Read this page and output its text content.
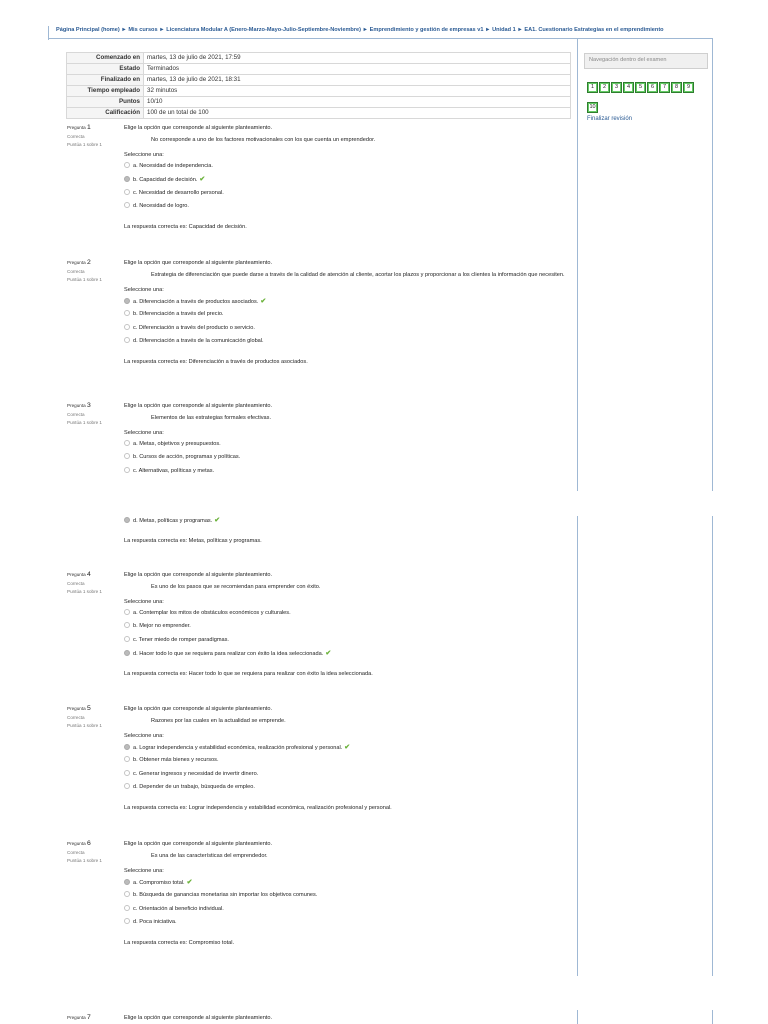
Página Principal (home) ► Mis cursos ► Licenciatura Modular A (Enero-Marzo-Mayo-Julio-Septiembre-Noviembre) ► Emprendimiento y gestión de empresas v1 ► Unidad 1 ► EA1. Cuestionario Estrategias en el emprendimiento
Comenzado en	martes, 13 de julio de 2021, 17:59
Estado	Terminados
Finalizado en	martes, 13 de julio de 2021, 18:31
Tiempo empleado	32 minutos
Puntos	10/10
Calificación	100 de un total de 100
Navegación dentro del examen
1 2 3 4 5 6 7 8 910
Finalizar revisión
Pregunta 1
Correcta
Puntúa 1 sobre 1
Elige la opción que corresponde al siguiente planteamiento.
No corresponde a uno de los factores motivacionales con los que cuenta un emprendedor.
Seleccione una:
a. Necesidad de independencia.
b. Capacidad de decisión. ✔
c. Necesidad de desarrollo personal.
d. Necesidad de logro.
La respuesta correcta es: Capacidad de decisión.
Pregunta 2
Correcta
Puntúa 1 sobre 1
Elige la opción que corresponde al siguiente planteamiento.
Estrategia de diferenciación que puede darse a través de la calidad de atención al cliente, acortar los plazos y proporcionar a los clientes la información que necesiten.
Seleccione una:
a. Diferenciación a través de productos asociados. ✔
b. Diferenciación a través del precio.
c. Diferenciación a través del producto o servicio.
d. Diferenciación a través de la comunicación global.
La respuesta correcta es: Diferenciación a través de productos asociados.
Pregunta 3
Correcta
Puntúa 1 sobre 1
Elige la opción que corresponde al siguiente planteamiento.
Elementos de las estrategias formales efectivas.
Seleccione una:
a. Metas, objetivos y presupuestos.
b. Cursos de acción, programas y políticas.
c. Alternativas, políticas y metas.
d. Metas, políticas y programas. ✔
La respuesta correcta es: Metas, políticas y programas.
Pregunta 4
Correcta
Puntúa 1 sobre 1
Elige la opción que corresponde al siguiente planteamiento.
Es uno de los pasos que se recomiendan para emprender con éxito.
Seleccione una:
a. Contemplar los mitos de obstáculos económicos y culturales.
b. Mejor no emprender.
c. Tener miedo de romper paradigmas.
d. Hacer todo lo que se requiera para realizar con éxito la idea seleccionada. ✔
La respuesta correcta es: Hacer todo lo que se requiera para realizar con éxito la idea seleccionada.
Pregunta 5
Correcta
Puntúa 1 sobre 1
Elige la opción que corresponde al siguiente planteamiento.
Razones por las cuales en la actualidad se emprende.
Seleccione una:
a. Lograr independencia y estabilidad económica, realización profesional y personal. ✔
b. Obtener más bienes y recursos.
c. Generar ingresos y necesidad de invertir dinero.
d. Depender de un trabajo, búsqueda de empleo.
La respuesta correcta es: Lograr independencia y estabilidad económica, realización profesional y personal.
Pregunta 6
Correcta
Puntúa 1 sobre 1
Elige la opción que corresponde al siguiente planteamiento.
Es una de las características del emprendedor.
Seleccione una:
a. Compromiso total. ✔
b. Búsqueda de ganancias monetarias sin importar los objetivos comunes.
c. Orientación al beneficio individual.
d. Poca iniciativa.
La respuesta correcta es: Compromiso total.
Pregunta 7	Elige la opción que corresponde al siguiente planteamiento.
